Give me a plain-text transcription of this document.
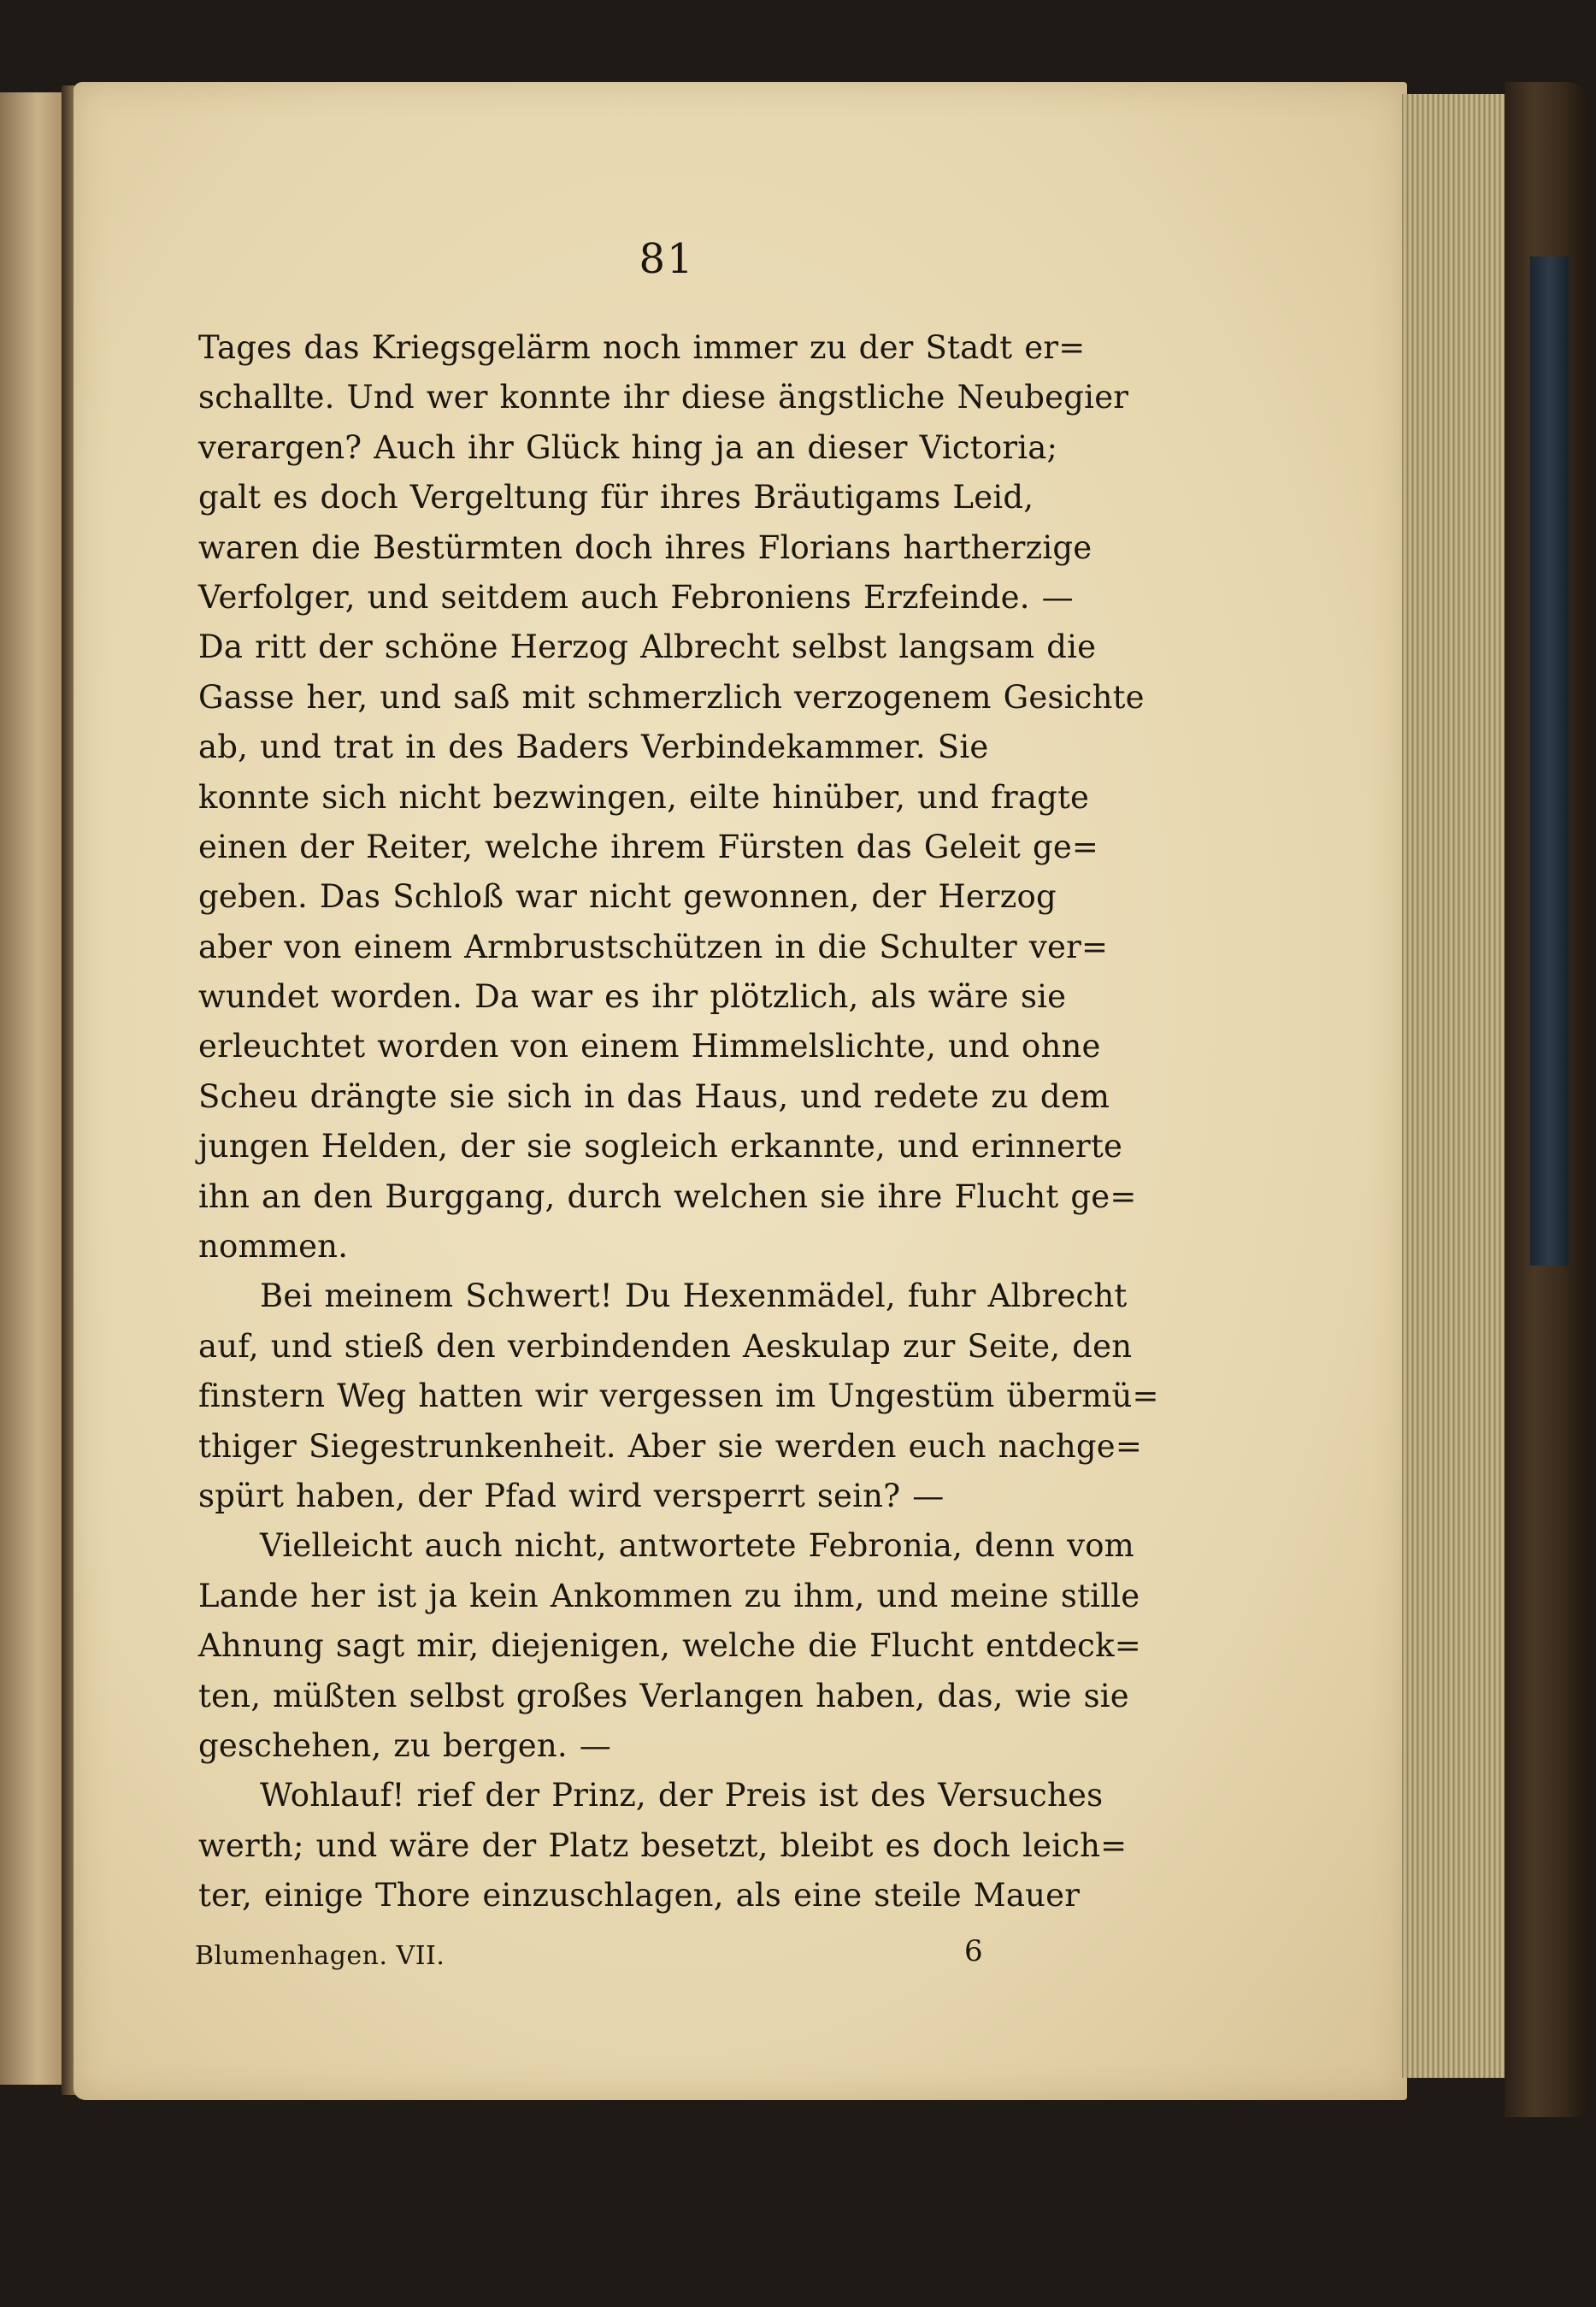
81
Tages das Kriegsgelärm noch immer zu der Stadt er=
schallte. Und wer konnte ihr diese ängstliche Neubegier
verargen? Auch ihr Glück hing ja an dieser Victoria;
galt es doch Vergeltung für ihres Bräutigams Leid,
waren die Bestürmten doch ihres Florians hartherzige
Verfolger, und seitdem auch Febroniens Erzfeinde. —
Da ritt der schöne Herzog Albrecht selbst langsam die
Gasse her, und saß mit schmerzlich verzogenem Gesichte
ab, und trat in des Baders Verbindekammer. Sie
konnte sich nicht bezwingen, eilte hinüber, und fragte
einen der Reiter, welche ihrem Fürsten das Geleit ge=
geben. Das Schloß war nicht gewonnen, der Herzog
aber von einem Armbrustschützen in die Schulter ver=
wundet worden. Da war es ihr plötzlich, als wäre sie
erleuchtet worden von einem Himmelslichte, und ohne
Scheu drängte sie sich in das Haus, und redete zu dem
jungen Helden, der sie sogleich erkannte, und erinnerte
ihn an den Burggang, durch welchen sie ihre Flucht ge=
nommen.
Bei meinem Schwert! Du Hexenmädel, fuhr Albrecht
auf, und stieß den verbindenden Aeskulap zur Seite, den
finstern Weg hatten wir vergessen im Ungestüm übermü=
thiger Siegestrunkenheit. Aber sie werden euch nachge=
spürt haben, der Pfad wird versperrt sein? —
Vielleicht auch nicht, antwortete Febronia, denn vom
Lande her ist ja kein Ankommen zu ihm, und meine stille
Ahnung sagt mir, diejenigen, welche die Flucht entdeck=
ten, müßten selbst großes Verlangen haben, das, wie sie
geschehen, zu bergen. —
Wohlauf! rief der Prinz, der Preis ist des Versuches
werth; und wäre der Platz besetzt, bleibt es doch leich=
ter, einige Thore einzuschlagen, als eine steile Mauer
Blumenhagen. VII.	6
